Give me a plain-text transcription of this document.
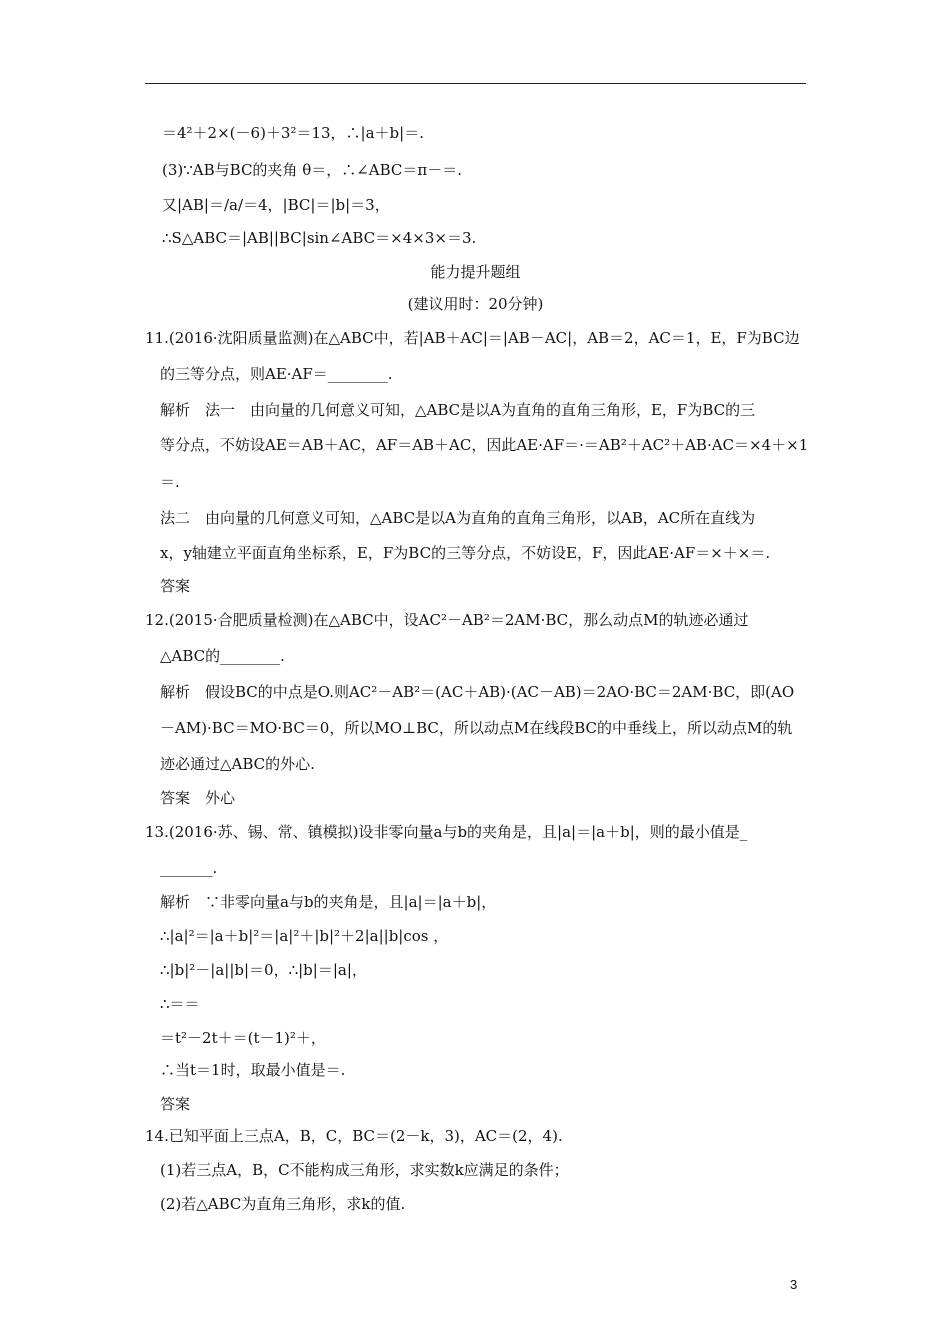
＝4²＋2×(－6)＋3²＝13，∴|a＋b|＝.
(3)∵AB与BC的夹角 θ＝，∴∠ABC＝π－＝.
又|AB|＝/a/＝4，|BC|＝|b|＝3，
∴S△ABC＝|AB||BC|sin∠ABC＝×4×3×＝3.
能力提升题组
(建议用时：20分钟)
11.(2016·沈阳质量监测)在△ABC中，若|AB＋AC|＝|AB－AC|，AB＝2，AC＝1，E，F为BC边
的三等分点，则AE·AF＝________.
解析　法一　由向量的几何意义可知，△ABC是以A为直角的直角三角形，E，F为BC的三
等分点，不妨设AE＝AB＋AC，AF＝AB＋AC，因此AE·AF＝·＝AB²＋AC²＋AB·AC＝×4＋×1
＝.
法二　由向量的几何意义可知，△ABC是以A为直角的直角三角形，以AB，AC所在直线为
x，y轴建立平面直角坐标系，E，F为BC的三等分点，不妨设E，F，因此AE·AF＝×＋×＝.
答案
12.(2015·合肥质量检测)在△ABC中，设AC²－AB²＝2AM·BC，那么动点M的轨迹必通过
△ABC的________.
解析　假设BC的中点是O.则AC²－AB²＝(AC＋AB)·(AC－AB)＝2AO·BC＝2AM·BC，即(AO
－AM)·BC＝MO·BC＝0，所以MO⊥BC，所以动点M在线段BC的中垂线上，所以动点M的轨
迹必通过△ABC的外心.
答案　外心
13.(2016·苏、锡、常、镇模拟)设非零向量a与b的夹角是，且|a|＝|a＋b|，则的最小值是_
_______.
解析　∵非零向量a与b的夹角是，且|a|＝|a＋b|，
∴|a|²＝|a＋b|²＝|a|²＋|b|²＋2|a||b|cos ，
∴|b|²－|a||b|＝0，∴|b|＝|a|，
∴＝＝
＝t²－2t＋＝(t－1)²＋，
∴当t＝1时，取最小值是＝.
答案
14.已知平面上三点A，B，C，BC＝(2－k，3)，AC＝(2，4).
(1)若三点A，B，C不能构成三角形，求实数k应满足的条件；
(2)若△ABC为直角三角形，求k的值.
3
